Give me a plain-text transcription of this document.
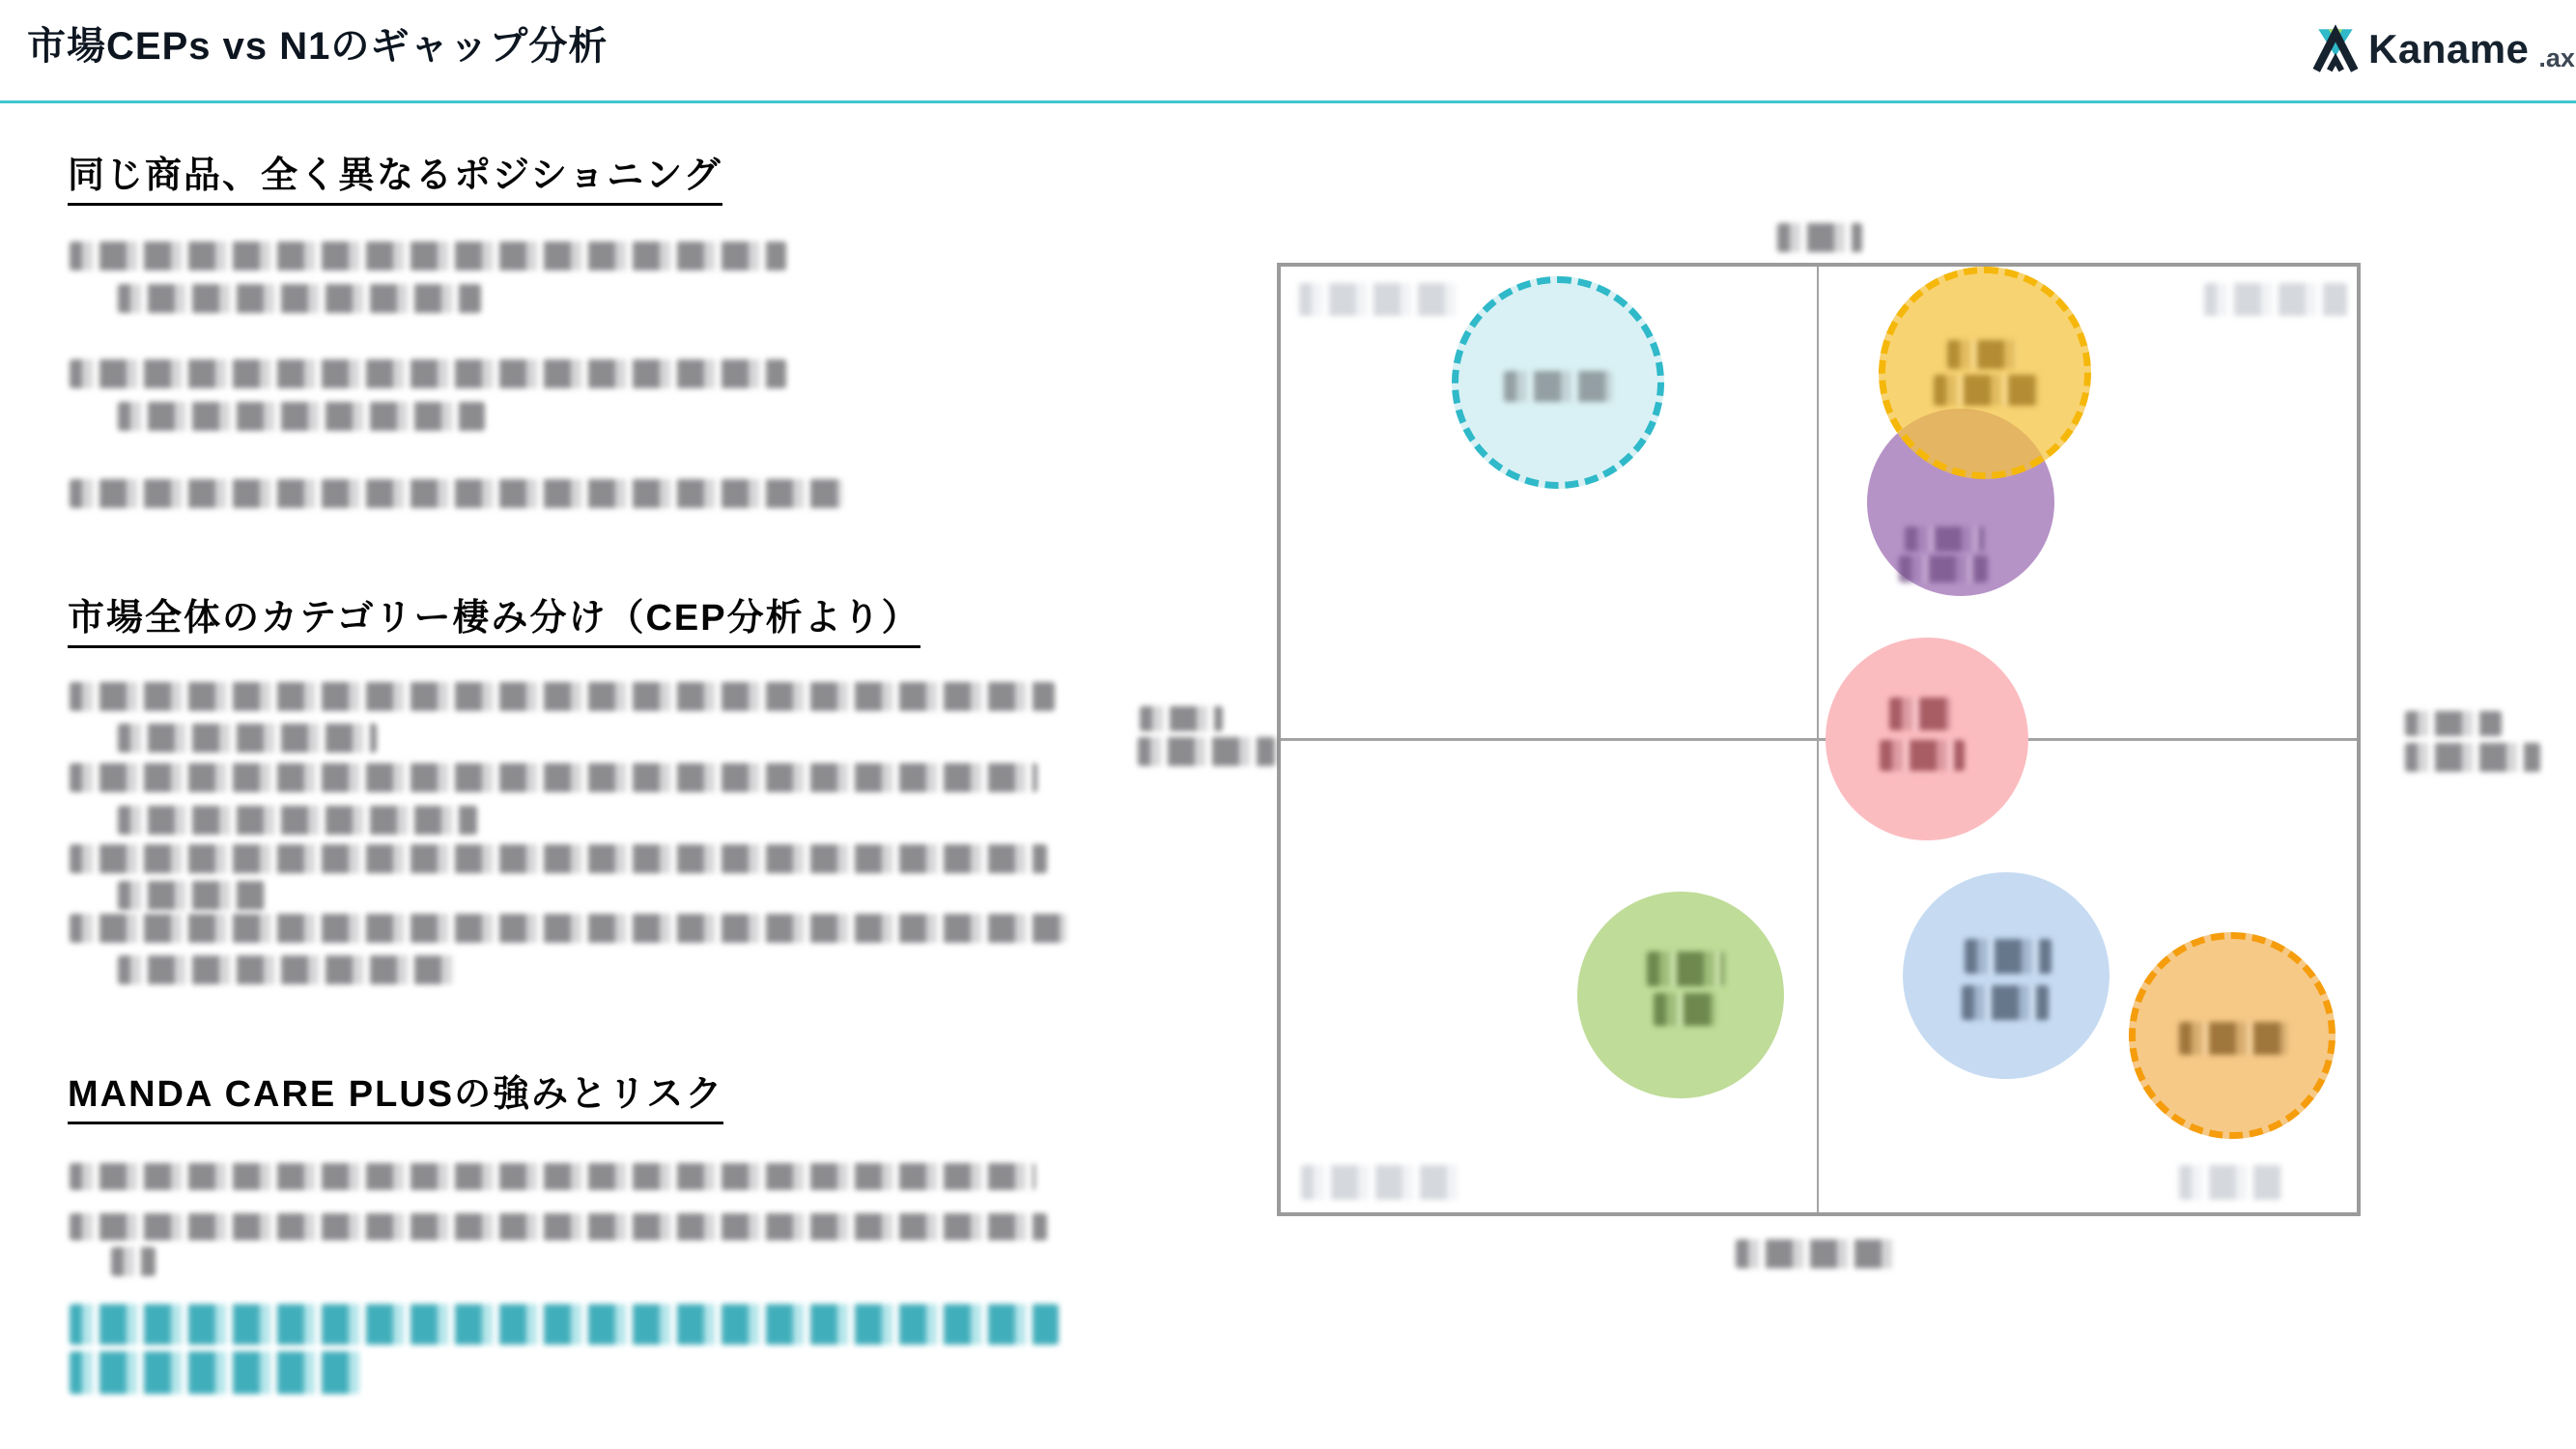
市場CEPs vs N1のギャップ分析	Kaname .ax
同じ商品、全く異なるポジショニング
市場全体のカテゴリー棲み分け（CEP分析より）
MANDA CARE PLUSの強みとリスク
